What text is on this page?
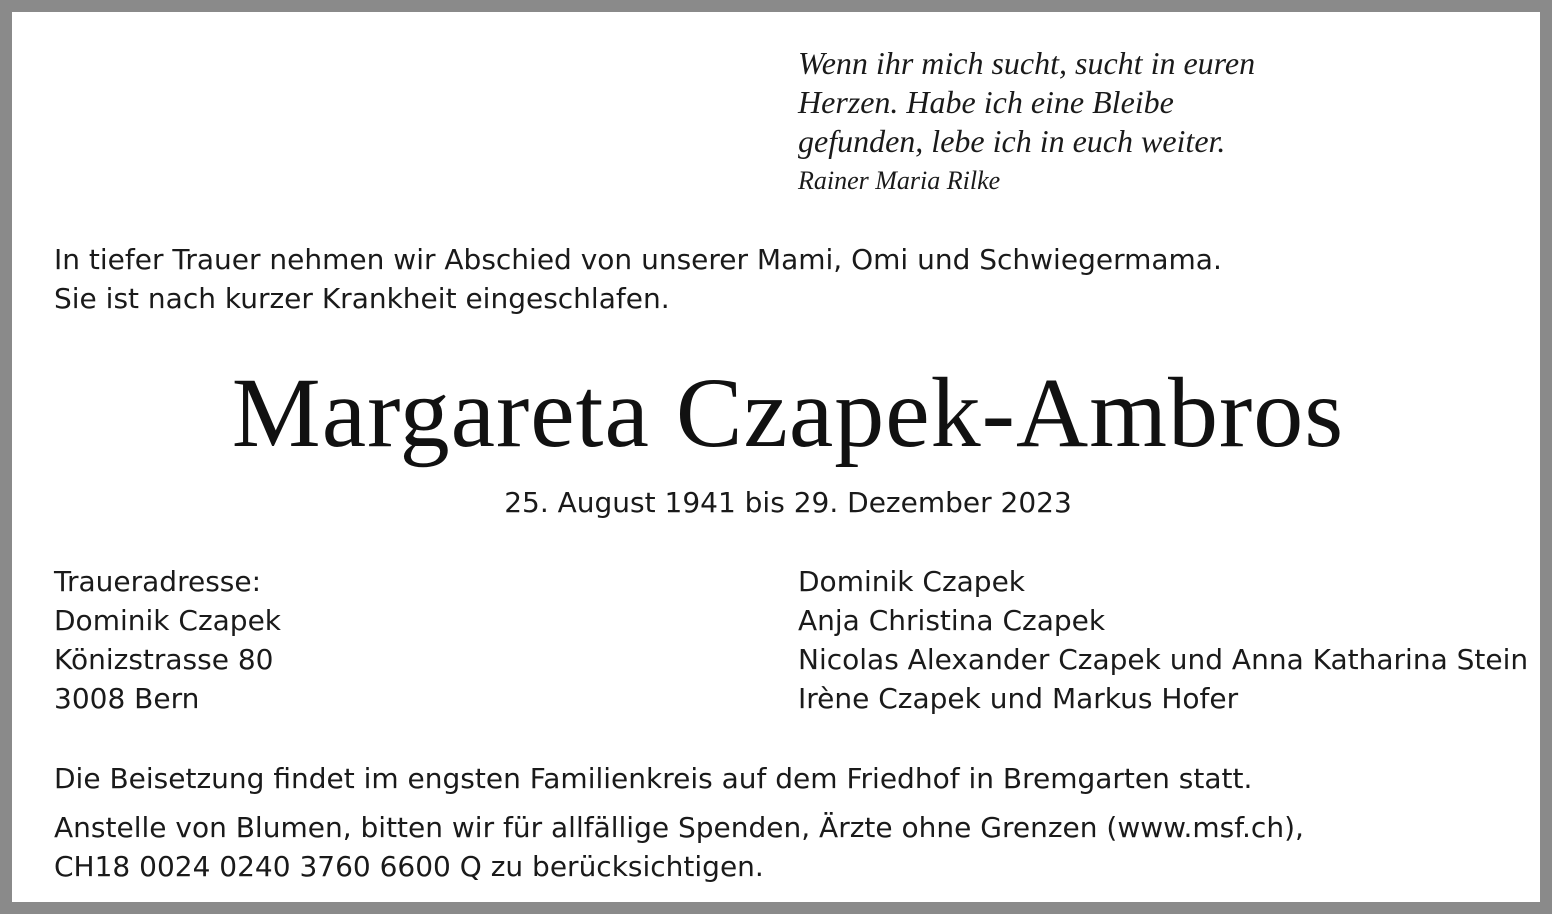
Wenn ihr mich sucht, sucht in euren
Herzen. Habe ich eine Bleibe
gefunden, lebe ich in euch weiter.
Rainer Maria Rilke
In tiefer Trauer nehmen wir Abschied von unserer Mami, Omi und Schwiegermama.
Sie ist nach kurzer Krankheit eingeschlafen.
Margareta Czapek-Ambros
25. August 1941 bis 29. Dezember 2023
Traueradresse:
Dominik Czapek
Könizstrasse 80
3008 Bern
Dominik Czapek
Anja Christina Czapek
Nicolas Alexander Czapek und Anna Katharina Stein
Irène Czapek und Markus Hofer
Die Beisetzung findet im engsten Familienkreis auf dem Friedhof in Bremgarten statt.
Anstelle von Blumen, bitten wir für allfällige Spenden, Ärzte ohne Grenzen (www.msf.ch),
CH18 0024 0240 3760 6600 Q zu berücksichtigen.
